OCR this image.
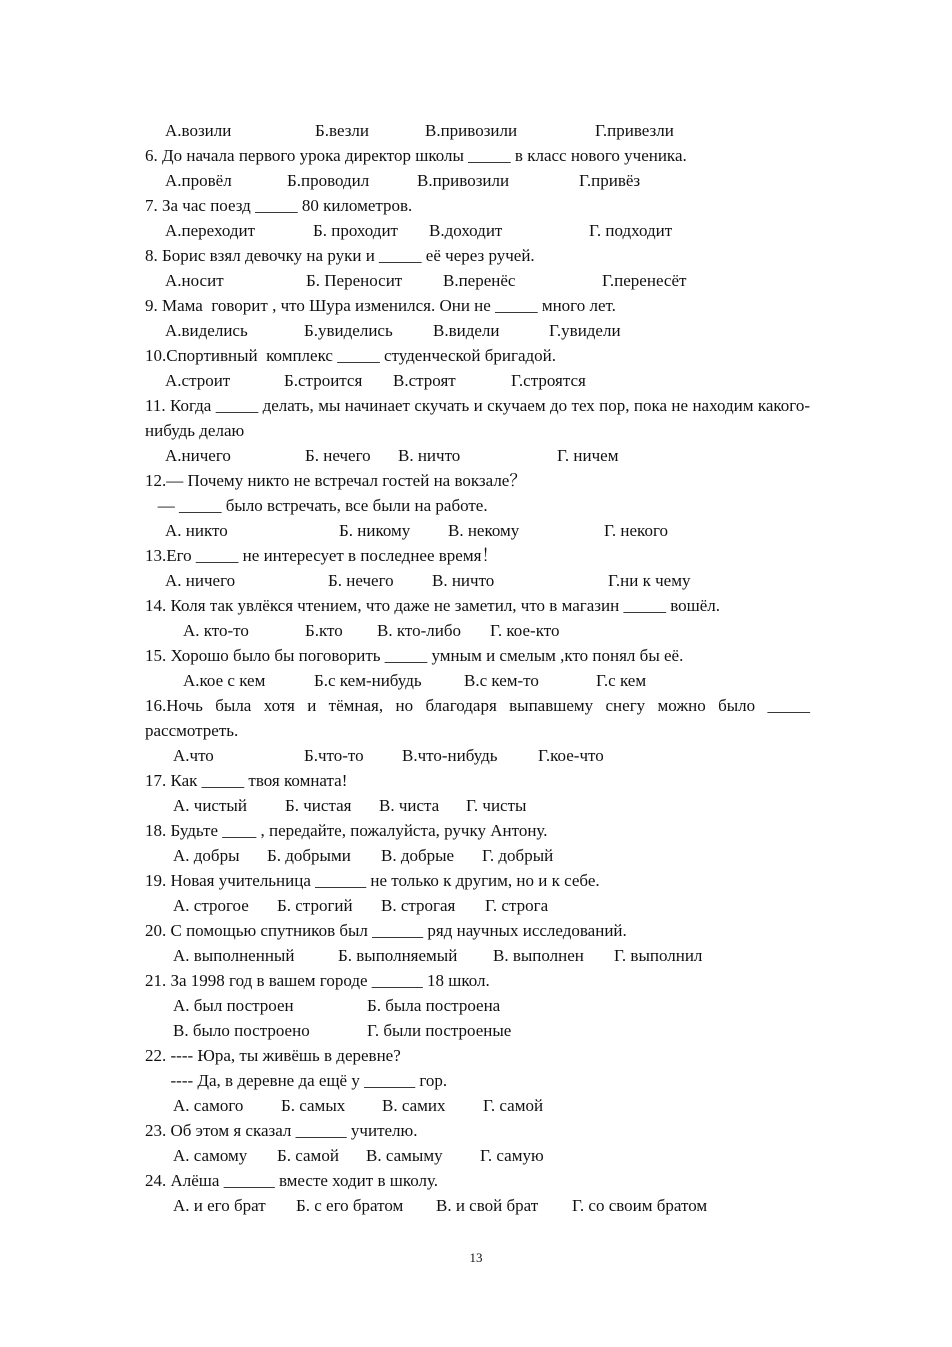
А.возили	Б.везли	В.привозили	Г.привезли
6. До начала первого урока директор школы _____ в класс нового ученика.
А.провёл	Б.проводил	В.привозили	Г.привёз
7. За час поезд _____ 80 километров.
А.переходит	Б. проходит В.доходит	Г. подходит
8. Борис взял девочку на руки и _____ её через ручей.
А.носит	Б. Переносит В.перенёс	Г.перенесёт
9. Мама  говорит , что Шура изменился. Они не _____ много лет.
А.виделись	Б.увиделись В.видели	Г.увидели
10.Спортивный  комплекс _____ студенческой бригадой.
А.строит	Б.строится В.строят	Г.строятся
11. Когда _____ делать, мы начинает скучать и скучаем до тех пор, пока не находим какого-нибудь делаю
А.ничего	Б. нечего В. ничто	Г. ничем
12.— Почему никто не встречал гостей на вокзале？
— _____ было встречать, все были на работе.
А. никто	Б. никому В. некому	Г. некого
13.Его _____ не интересует в последнее время！
А. ничего	Б. нечего В. ничто	Г.ни к чему
14. Коля так увлёкся чтением, что даже не заметил, что в магазин _____ вошёл.
А. кто-то	Б.кто В. кто-либо Г. кое-кто
15. Хорошо было бы поговорить _____ умным и смелым ,кто понял бы её.
А.кое с кем	Б.с кем-нибудь В.с кем-то	Г.с кем
16.Ночь была хотя и тёмная, но благодаря выпавшему снегу можно было _____ рассмотреть.
А.что	Б.что-то В.что-нибудь Г.кое-что
17. Как _____ твоя комната!
А. чистый Б. чистая В. чиста Г. чисты
18. Будьте ____ , передайте, пожалуйста, ручку Антону.
А. добры Б. добрыми В. добрые Г. добрый
19. Новая учительница ______ не только к другим, но и к себе.
А. строгое Б. строгий В. строгая Г. строга
20. С помощью спутников был ______ ряд научных исследований.
А. выполненный	Б. выполняемый В. выполнен Г. выполнил
21. За 1998 год в вашем городе ______ 18 школ.
А. был построен	Б. была построена
В. было построено	Г. были построеные
22. ---- Юра, ты живёшь в деревне?
---- Да, в деревне да ещё у ______ гор.
А. самого Б. самых В. самих Г. самой
23. Об этом я сказал ______ учителю.
А. самому Б. самой В. самыму Г. самую
24. Алёша ______ вместе ходит в школу.
А. и его брат Б. с его братом В. и свой брат Г. со своим братом
13
